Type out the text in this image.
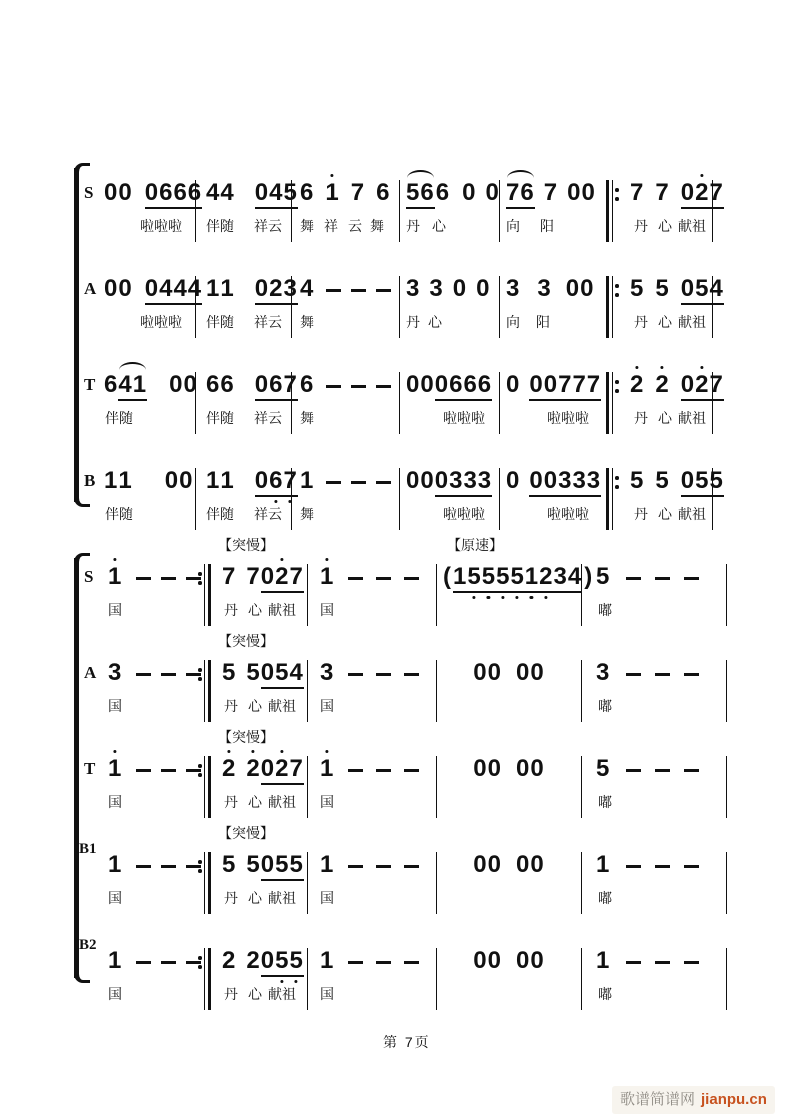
S 00 0666
啦啦啦
44 045
伴随 祥云
6 1 7 6
舞 祥 云 舞
56 6 0 0
丹 心
76 7 00
向 阳
7 7 02
7
丹 心 献祖
A 00 0444
啦啦啦
11 023
伴随 祥云
4
舞
3 3 0 0
丹 心
3 3 00
向 阳
5 5 054
丹 心 献祖
T 6 41 00
伴随
66 067
伴随 祥云
6
舞
00 0666
啦啦啦
0 00777
啦啦啦
2 2 02
7
丹 心 献祖
B 11 00
伴随
11 06
7
伴随 祥云
1
舞
00 0333
啦啦啦
0 00333
啦啦啦
5 5 055
丹 心 献祖
S 1
国
【突慢】
7 7 02
7
丹 心 献祖
1
国
【原速】
( 15
5
5
5
1
2
34 ) 5
嘟
A 3
国
【突慢】
5 5 054
丹 心 献祖
3
国
00 00 3
嘟
T 1
国
【突慢】
2 2 02
7
丹 心 献祖
1
国
00 00 5
嘟
B1
1
国
【突慢】
5 5 055
丹 心 献祖
1
国
00 00 1
嘟
B2
1
国
2 2 05
5
丹 心 献祖
1
国
00 00 1
嘟
第 7页
歌谱简谱网 jianpu.cn
